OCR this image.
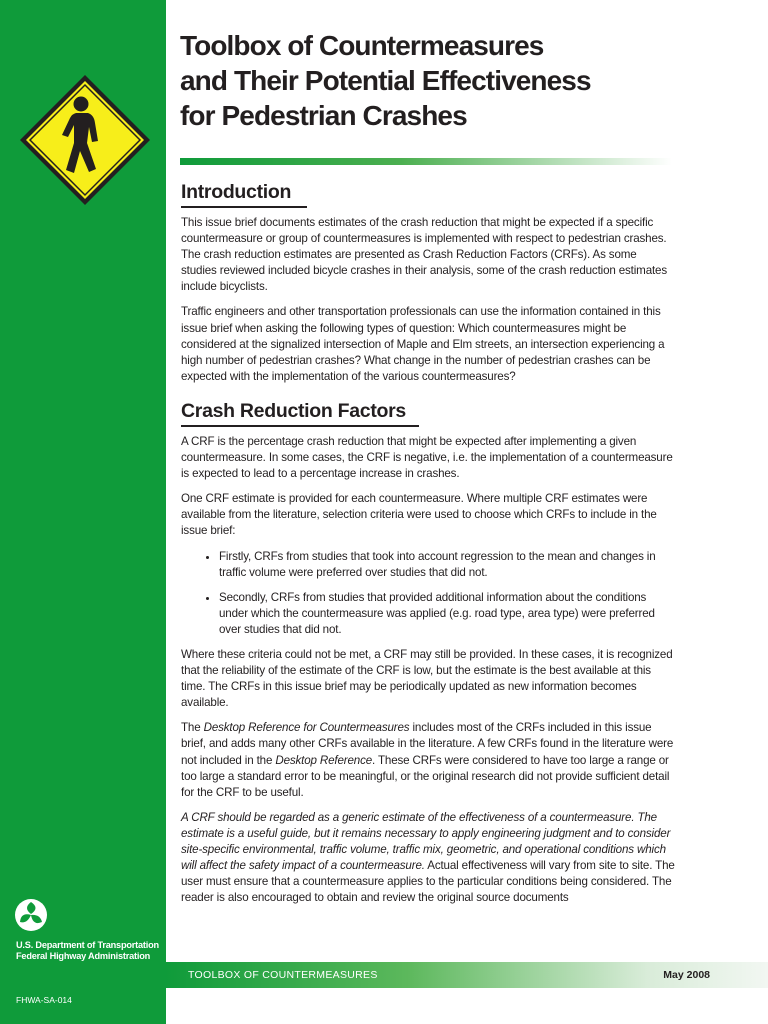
U.S. Department of Transportation
Federal Highway Administration
FHWA-SA-014
Toolbox of Countermeasures
and Their Potential Effectiveness
for Pedestrian Crashes
Introduction

This issue brief documents estimates of the crash reduction that might be expected if a specific countermeasure or group of countermeasures is implemented with respect to pedestrian crashes. The crash reduction estimates are presented as Crash Reduction Factors (CRFs). As some studies reviewed included bicycle crashes in their analysis, some of the crash reduction estimates include bicyclists.

Traffic engineers and other transportation professionals can use the information contained in this issue brief when asking the following types of question: Which countermeasures might be considered at the signalized intersection of Maple and Elm streets, an intersection experiencing a high number of pedestrian crashes? What change in the number of pedestrian crashes can be expected with the implementation of the various countermeasures?

Crash Reduction Factors

A CRF is the percentage crash reduction that might be expected after implementing a given countermeasure. In some cases, the CRF is negative, i.e. the implementation of a countermeasure is expected to lead to a percentage increase in crashes.

One CRF estimate is provided for each countermeasure. Where multiple CRF estimates were available from the literature, selection criteria were used to choose which CRFs to include in the issue brief:

• Firstly, CRFs from studies that took into account regression to the mean and changes in traffic volume were preferred over studies that did not.
• Secondly, CRFs from studies that provided additional information about the conditions under which the countermeasure was applied (e.g. road type, area type) were preferred over studies that did not.

Where these criteria could not be met, a CRF may still be provided. In these cases, it is recognized that the reliability of the estimate of the CRF is low, but the estimate is the best available at this time. The CRFs in this issue brief may be periodically updated as new information becomes available.

The Desktop Reference for Countermeasures includes most of the CRFs included in this issue brief, and adds many other CRFs available in the literature. A few CRFs found in the literature were not included in the Desktop Reference. These CRFs were considered to have too large a range or too large a standard error to be meaningful, or the original research did not provide sufficient detail for the CRF to be useful.

A CRF should be regarded as a generic estimate of the effectiveness of a countermeasure. The estimate is a useful guide, but it remains necessary to apply engineering judgment and to consider site-specific environmental, traffic volume, traffic mix, geometric, and operational conditions which will affect the safety impact of a countermeasure. Actual effectiveness will vary from site to site. The user must ensure that a countermeasure applies to the particular conditions being considered. The reader is also encouraged to obtain and review the original source documents

TOOLBOX OF COUNTERMEASURES	May 2008
